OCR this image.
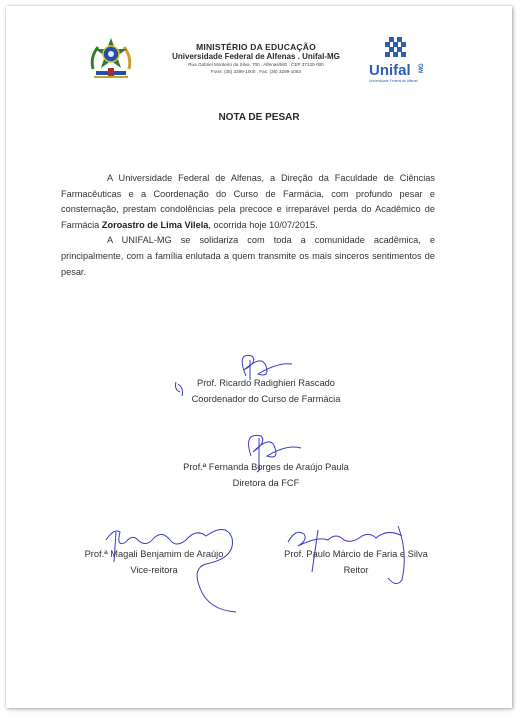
MINISTÉRIO DA EDUCAÇÃO
Universidade Federal de Alfenas . Unifal-MG
Rua Gabriel Monteiro da Silva, 700 . Alfenas/MG . CEP 37130-000
Fone: (35) 3299-1000 . Fax: (35) 3299-1063	Unifal MG
Universidade Federal de Alfenas
NOTA DE PESAR

A Universidade Federal de Alfenas, a Direção da Faculdade de Ciências Farmacêuticas e a Coordenação do Curso de Farmácia, com profundo pesar e consternação, prestam condolências pela precoce e irreparável perda do Acadêmico de Farmácia Zoroastro de Lima Vilela, ocorrida hoje 10/07/2015.

A UNIFAL-MG se solidariza com toda a comunidade acadêmica, e principalmente, com a família enlutada a quem transmite os mais sinceros sentimentos de pesar.

Prof. Ricardo Radighieri Rascado
Coordenador do Curso de Farmácia
Prof.ª Fernanda Borges de Araújo Paula
Diretora da FCF
Prof.ª Magali Benjamim de Araújo
Vice-reitora
Prof. Paulo Márcio de Faria e Silva
Reitor
